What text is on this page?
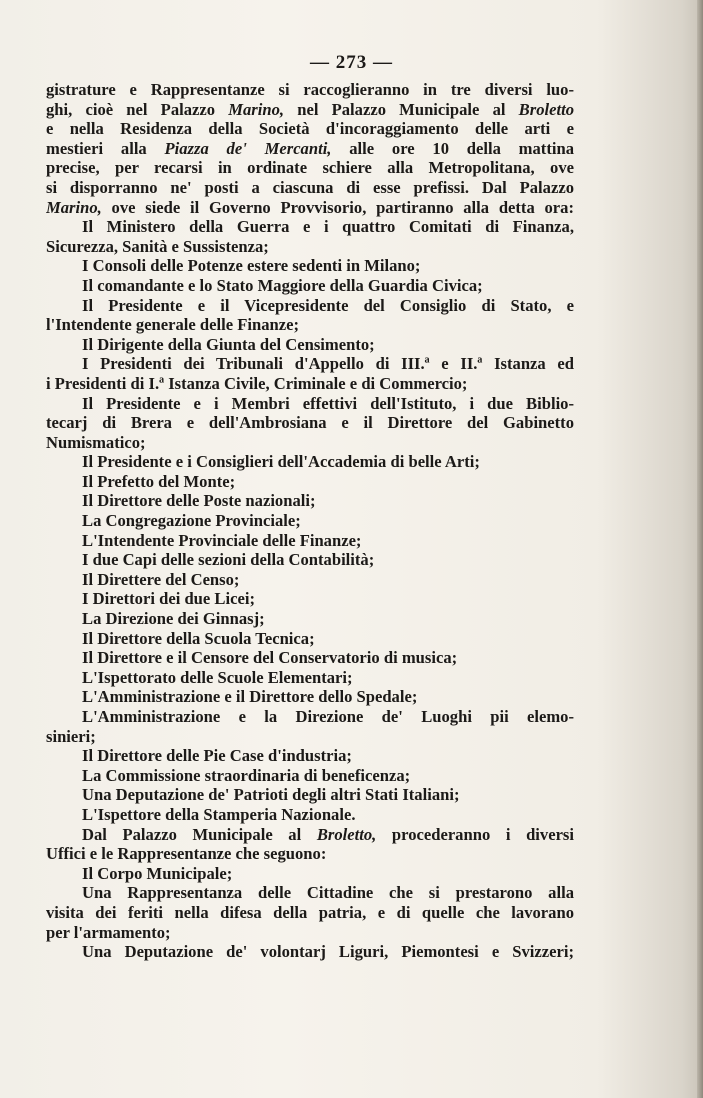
— 273 —
gistrature e Rappresentanze si raccoglieranno in tre diversi luo-
ghi, cioè nel Palazzo Marino, nel Palazzo Municipale al Broletto
e nella Residenza della Società d'incoraggiamento delle arti e
mestieri alla Piazza de' Mercanti, alle ore 10 della mattina
precise, per recarsi in ordinate schiere alla Metropolitana, ove
si disporranno ne' posti a ciascuna di esse prefissi. Dal Palazzo
Marino, ove siede il Governo Provvisorio, partiranno alla detta ora:
Il Ministero della Guerra e i quattro Comitati di Finanza,
Sicurezza, Sanità e Sussistenza;
I Consoli delle Potenze estere sedenti in Milano;
Il comandante e lo Stato Maggiore della Guardia Civica;
Il Presidente e il Vicepresidente del Consiglio di Stato, e
l'Intendente generale delle Finanze;
Il Dirigente della Giunta del Censimento;
I Presidenti dei Tribunali d'Appello di III.ª e II.ª Istanza ed
i Presidenti di I.ª Istanza Civile, Criminale e di Commercio;
Il Presidente e i Membri effettivi dell'Istituto, i due Biblio-
tecarj di Brera e dell'Ambrosiana e il Direttore del Gabinetto
Numismatico;
Il Presidente e i Consiglieri dell'Accademia di belle Arti;
Il Prefetto del Monte;
Il Direttore delle Poste nazionali;
La Congregazione Provinciale;
L'Intendente Provinciale delle Finanze;
I due Capi delle sezioni della Contabilità;
Il Direttere del Censo;
I Direttori dei due Licei;
La Direzione dei Ginnasj;
Il Direttore della Scuola Tecnica;
Il Direttore e il Censore del Conservatorio di musica;
L'Ispettorato delle Scuole Elementari;
L'Amministrazione e il Direttore dello Spedale;
L'Amministrazione e la Direzione de' Luoghi pii elemo-
sinieri;
Il Direttore delle Pie Case d'industria;
La Commissione straordinaria di beneficenza;
Una Deputazione de' Patrioti degli altri Stati Italiani;
L'Ispettore della Stamperia Nazionale.
Dal Palazzo Municipale al Broletto, procederanno i diversi
Uffici e le Rappresentanze che seguono:
Il Corpo Municipale;
Una Rappresentanza delle Cittadine che si prestarono alla
visita dei feriti nella difesa della patria, e di quelle che lavorano
per l'armamento;
Una Deputazione de' volontarj Liguri, Piemontesi e Svizzeri;
